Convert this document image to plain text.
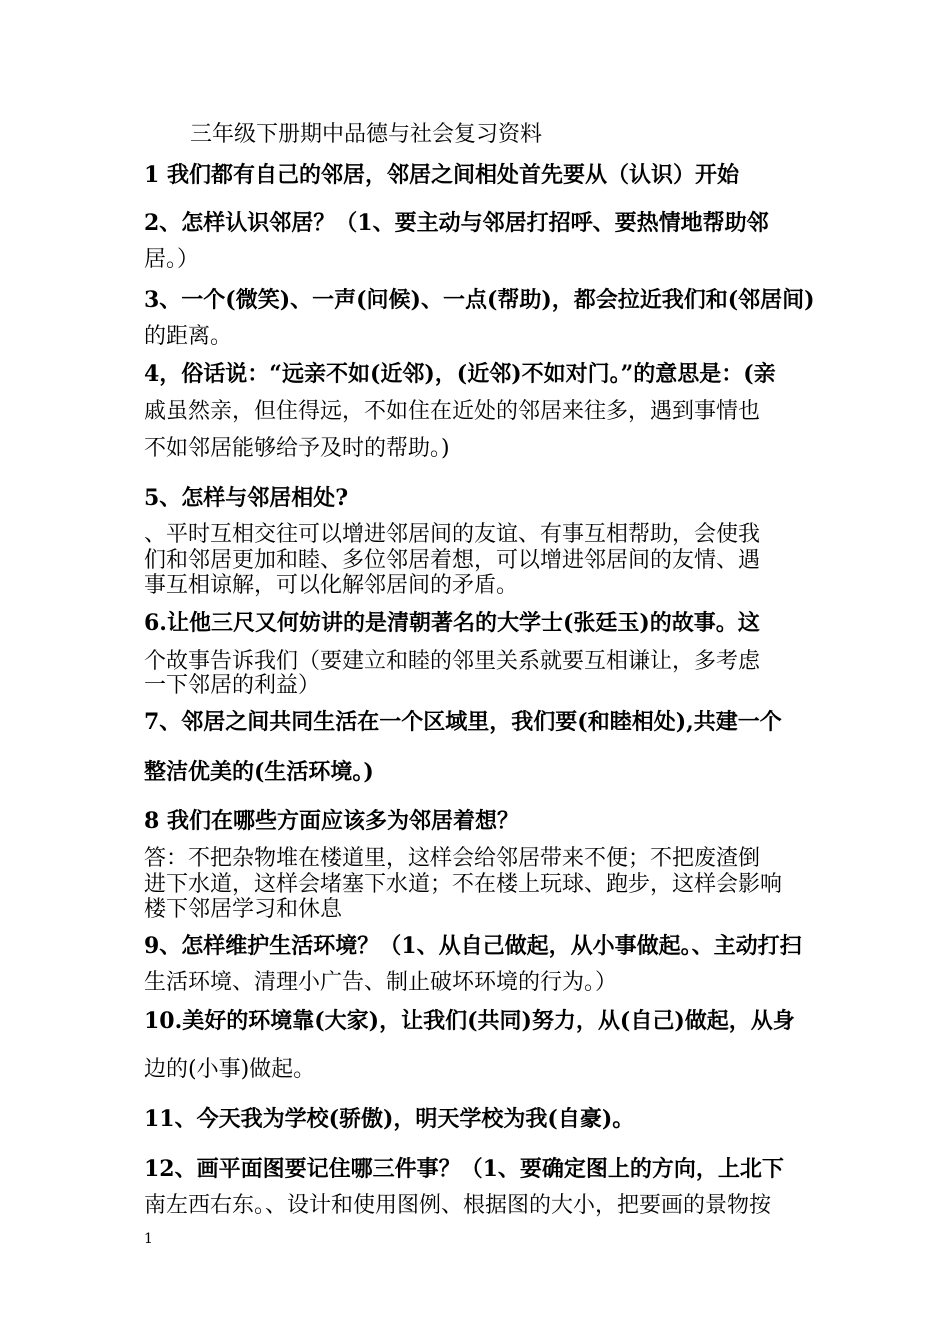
三年级下册期中品德与社会复习资料
1 我们都有自己的邻居，邻居之间相处首先要从（认识）开始
2、怎样认识邻居？（1、要主动与邻居打招呼、要热情地帮助邻
居。）
3、一个(微笑)、一声(问候)、一点(帮助)，都会拉近我们和(邻居间)
的距离。
4，俗话说：“远亲不如(近邻)，(近邻)不如对门。”的意思是：(亲
戚虽然亲，但住得远，不如住在近处的邻居来往多，遇到事情也
不如邻居能够给予及时的帮助。)
5、怎样与邻居相处?
、平时互相交往可以增进邻居间的友谊、有事互相帮助，会使我
们和邻居更加和睦、多位邻居着想，可以增进邻居间的友情、遇
事互相谅解，可以化解邻居间的矛盾。
6.让他三尺又何妨讲的是清朝著名的大学士(张廷玉)的故事。这
个故事告诉我们（要建立和睦的邻里关系就要互相谦让，多考虑
一下邻居的利益）
7、邻居之间共同生活在一个区域里，我们要(和睦相处),共建一个
整洁优美的(生活环境。)
8 我们在哪些方面应该多为邻居着想？
答：不把杂物堆在楼道里，这样会给邻居带来不便；不把废渣倒
进下水道，这样会堵塞下水道；不在楼上玩球、跑步，这样会影响
楼下邻居学习和休息
9、怎样维护生活环境？（1、从自己做起，从小事做起。、主动打扫
生活环境、清理小广告、制止破坏环境的行为。）
10.美好的环境靠(大家)，让我们(共同)努力，从(自己)做起，从身
边的(小事)做起。
11、今天我为学校(骄傲)，明天学校为我(自豪)。
12、画平面图要记住哪三件事？（1、要确定图上的方向，上北下
南左西右东。、设计和使用图例、根据图的大小，把要画的景物按
1
